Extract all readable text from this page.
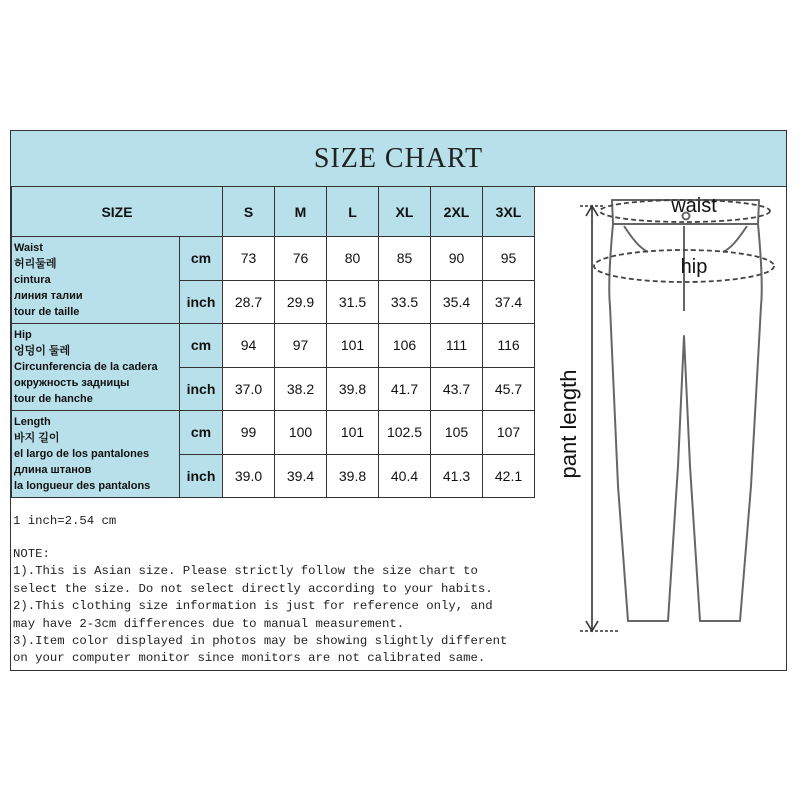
SIZE CHART
SIZE		S	M	L	XL	2XL	3XL

Waist
허리둘레
cintura
линия талии
tour de taille	cm	73	76	80	85	90	95
	inch	28.7	29.9	31.5	33.5	35.4	37.4

Hip
엉덩이 둘레
Circunferencia de la cadera
окружность задницы
tour de hanche	cm	94	97	101	106	111	116
	inch	37.0	38.2	39.8	41.7	43.7	45.7

Length
바지 길이
el largo de los pantalones
длина штанов
la longueur des pantalons	cm	99	100	101	102.5	105	107
	inch	39.0	39.4	39.8	40.4	41.3	42.1
1 inch=2.54 cm
NOTE:
1).This is Asian size. Please strictly follow the size chart to
select the size. Do not select directly according to your habits.
2).This clothing size information is just for reference only, and
may have 2-3cm differences due to manual measurement.
3).Item color displayed in photos may be showing slightly different
on your computer monitor since monitors are not calibrated same.
pant length
waist
hip
